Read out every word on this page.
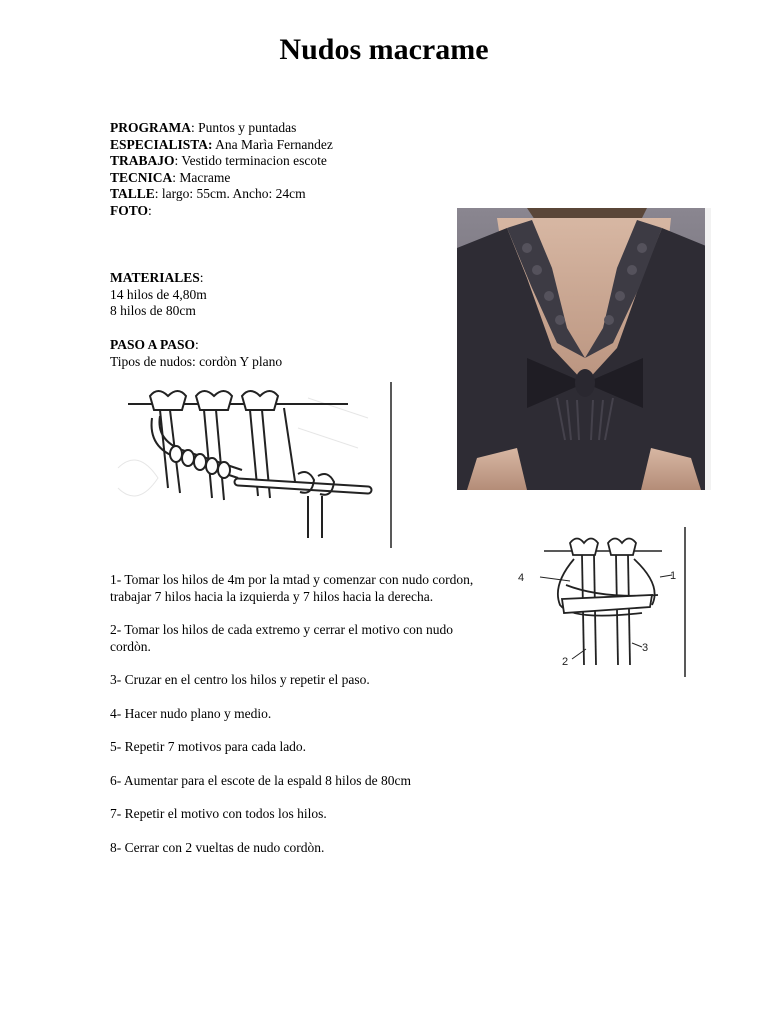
Nudos macrame
PROGRAMA: Puntos y puntadas
ESPECIALISTA: Ana Marìa Fernandez
TRABAJO: Vestido terminacion escote
TECNICA: Macrame
TALLE: largo: 55cm. Ancho: 24cm
FOTO:
MATERIALES:
14 hilos de 4,80m
8 hilos de 80cm
PASO A PASO:
Tipos de nudos: cordòn Y plano
4	1
2
3

1- Tomar los hilos de 4m por la mtad y comenzar con nudo cordon, trabajar 7 hilos hacia la izquierda y 7 hilos hacia la derecha.

2- Tomar los hilos de cada extremo y cerrar el motivo con nudo cordòn.

3- Cruzar en el centro los hilos y repetir el paso.

4- Hacer nudo plano y medio.

5- Repetir 7 motivos para cada lado.

6- Aumentar para el escote de la espald 8 hilos de 80cm

7- Repetir el motivo con todos los hilos.

8- Cerrar con 2 vueltas de nudo cordòn.
